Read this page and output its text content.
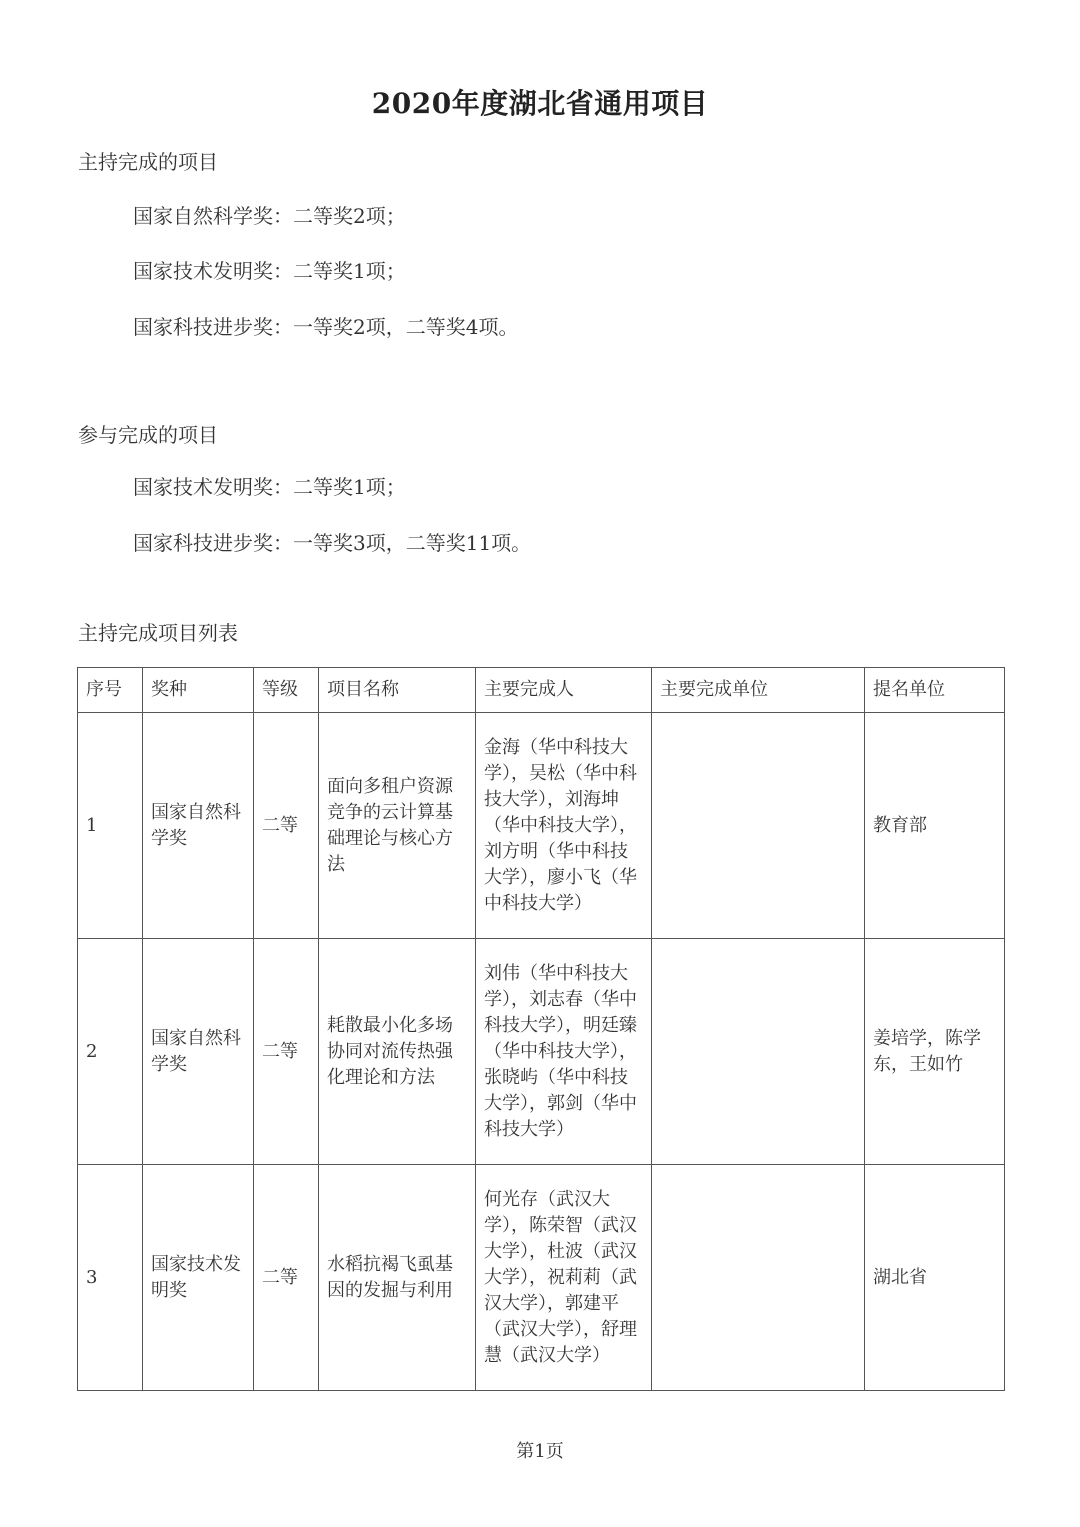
2020年度湖北省通用项目
主持完成的项目
国家自然科学奖：二等奖2项；
国家技术发明奖：二等奖1项；
国家科技进步奖：一等奖2项，二等奖4项。
参与完成的项目
国家技术发明奖：二等奖1项；
国家科技进步奖：一等奖3项，二等奖11项。
主持完成项目列表
序号	奖种	等级	项目名称	主要完成人	主要完成单位	提名单位
1	国家自然科学奖	二等	面向多租户资源竞争的云计算基础理论与核心方法	金海（华中科技大学），吴松（华中科技大学），刘海坤（华中科技大学），刘方明（华中科技大学），廖小飞（华中科技大学）		教育部
2	国家自然科学奖	二等	耗散最小化多场协同对流传热强化理论和方法	刘伟（华中科技大学），刘志春（华中科技大学），明廷臻（华中科技大学），张晓屿（华中科技大学），郭剑（华中科技大学）		姜培学，陈学东，王如竹
3	国家技术发明奖	二等	水稻抗褐飞虱基因的发掘与利用	何光存（武汉大学），陈荣智（武汉大学），杜波（武汉大学），祝莉莉（武汉大学），郭建平（武汉大学），舒理慧（武汉大学）		湖北省
第1页
